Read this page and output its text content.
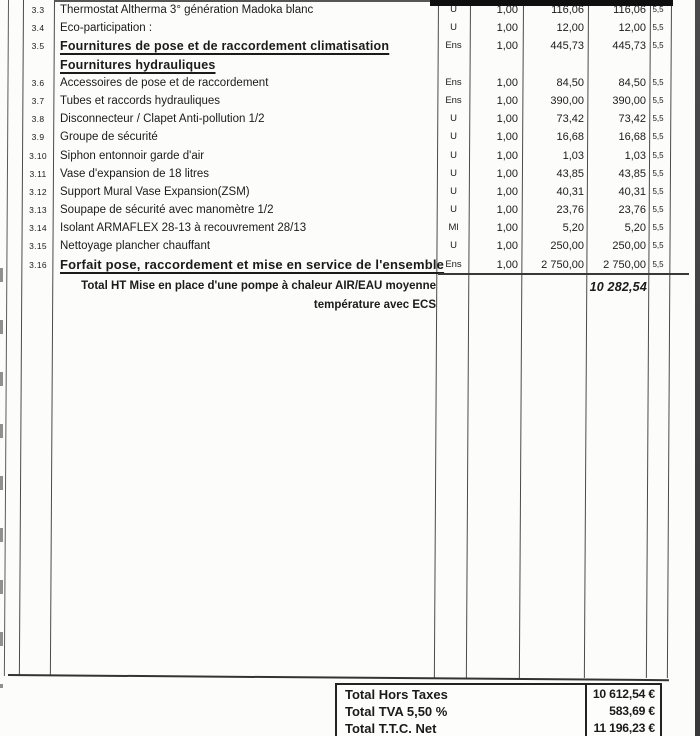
3.3	Thermostat Altherma 3° génération Madoka blanc	U	1,00	116,06	116,06 5,5
3.4	Eco-participation :	U	1,00	12,00	12,00 5,5
3.5	Fournitures de pose et de raccordement climatisation	Ens	1,00	445,73	445,73 5,5
Fournitures hydrauliques
3.6	Accessoires de pose et de raccordement	Ens	1,00	84,50	84,50 5,5
3.7	Tubes et raccords hydrauliques	Ens	1,00	390,00	390,00 5,5
3.8	Disconnecteur / Clapet Anti-pollution 1/2	U	1,00	73,42	73,42 5,5
3.9	Groupe de sécurité	U	1,00	16,68	16,68 5,5
3.10	Siphon entonnoir garde d'air	U	1,00	1,03	1,03 5,5
3.11	Vase d'expansion de 18 litres	U	1,00	43,85	43,85 5,5
3.12	Support Mural Vase Expansion(ZSM)	U	1,00	40,31	40,31 5,5
3.13	Soupape de sécurité avec manomètre 1/2	U	1,00	23,76	23,76 5,5
3.14	Isolant ARMAFLEX 28-13 à recouvrement 28/13	Ml	1,00	5,20	5,20 5,5
3.15	Nettoyage plancher chauffant	U	1,00	250,00	250,00 5,5
3.16	Forfait pose, raccordement et mise en service de l'ensemble Ens	1,00	2 750,00	2 750,00 5,5
Total HT Mise en place d'une pompe à chaleur AIR/EAU moyenne
température avec ECS
10 282,54
Total Hors Taxes	10 612,54 €
Total TVA 5,50 %	583,69 €
Total T.T.C. Net	11 196,23 €
